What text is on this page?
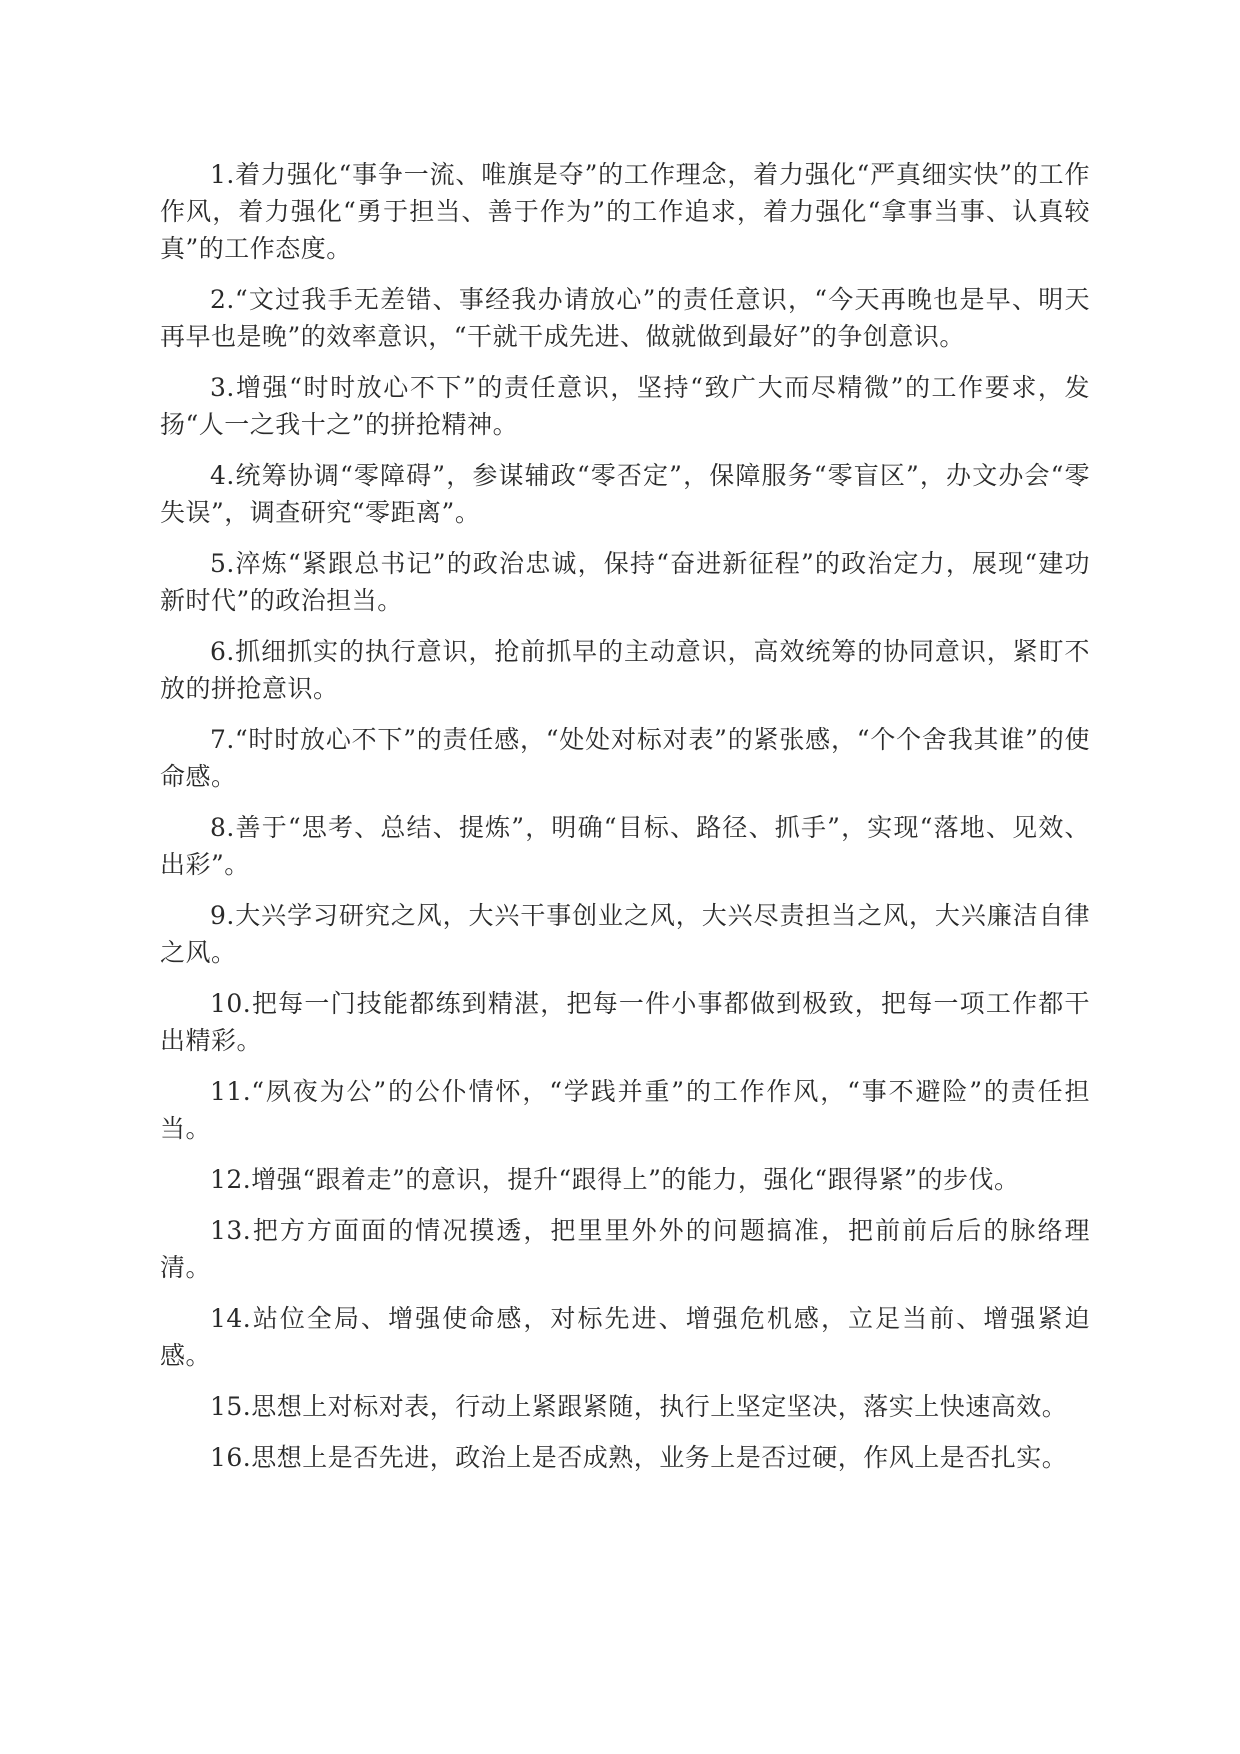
1.着力强化“事争一流、唯旗是夺”的工作理念，着力强化“严真细实快”的工作作风，着力强化“勇于担当、善于作为”的工作追求，着力强化“拿事当事、认真较真”的工作态度。

2.“文过我手无差错、事经我办请放心”的责任意识，“今天再晚也是早、明天再早也是晚”的效率意识，“干就干成先进、做就做到最好”的争创意识。

3.增强“时时放心不下”的责任意识，坚持“致广大而尽精微”的工作要求，发扬“人一之我十之”的拼抢精神。

4.统筹协调“零障碍”，参谋辅政“零否定”，保障服务“零盲区”，办文办会“零失误”，调查研究“零距离”。

5.淬炼“紧跟总书记”的政治忠诚，保持“奋进新征程”的政治定力，展现“建功新时代”的政治担当。

6.抓细抓实的执行意识，抢前抓早的主动意识，高效统筹的协同意识，紧盯不放的拼抢意识。

7.“时时放心不下”的责任感，“处处对标对表”的紧张感，“个个舍我其谁”的使命感。

8.善于“思考、总结、提炼”，明确“目标、路径、抓手”，实现“落地、见效、出彩”。

9.大兴学习研究之风，大兴干事创业之风，大兴尽责担当之风，大兴廉洁自律之风。

10.把每一门技能都练到精湛，把每一件小事都做到极致，把每一项工作都干出精彩。

11.“夙夜为公”的公仆情怀，“学践并重”的工作作风，“事不避险”的责任担当。

12.增强“跟着走”的意识，提升“跟得上”的能力，强化“跟得紧”的步伐。

13.把方方面面的情况摸透，把里里外外的问题搞准，把前前后后的脉络理清。

14.站位全局、增强使命感，对标先进、增强危机感，立足当前、增强紧迫感。

15.思想上对标对表，行动上紧跟紧随，执行上坚定坚决，落实上快速高效。

16.思想上是否先进，政治上是否成熟，业务上是否过硬，作风上是否扎实。
